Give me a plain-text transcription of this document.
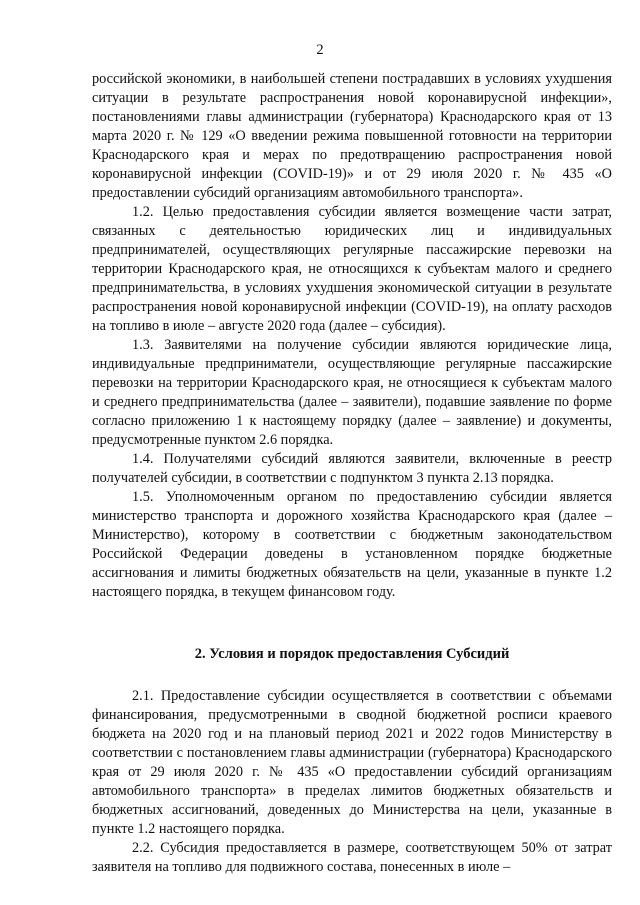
2

российской экономики, в наибольшей степени пострадавших в условиях ухудшения ситуации в результате распространения новой коронавирусной инфекции», постановлениями главы администрации (губернатора) Краснодарского края от 13 марта 2020 г. № 129 «О введении режима повышенной готовности на территории Краснодарского края и мерах по предотвращению распространения новой коронавирусной инфекции (COVID-19)» и от 29 июля 2020 г. № 435 «О предоставлении субсидий организациям автомобильного транспорта».

1.2. Целью предоставления субсидии является возмещение части затрат, связанных с деятельностью юридических лиц и индивидуальных предпринимателей, осуществляющих регулярные пассажирские перевозки на территории Краснодарского края, не относящихся к субъектам малого и среднего предпринимательства, в условиях ухудшения экономической ситуации в результате распространения новой коронавирусной инфекции (COVID-19), на оплату расходов на топливо в июле – августе 2020 года (далее – субсидия).

1.3. Заявителями на получение субсидии являются юридические лица, индивидуальные предприниматели, осуществляющие регулярные пассажирские перевозки на территории Краснодарского края, не относящиеся к субъектам малого и среднего предпринимательства (далее – заявители), подавшие заявление по форме согласно приложению 1 к настоящему порядку (далее – заявление) и документы, предусмотренные пунктом 2.6 порядка.

1.4. Получателями субсидий являются заявители, включенные в реестр получателей субсидии, в соответствии с подпунктом 3 пункта 2.13 порядка.

1.5. Уполномоченным органом по предоставлению субсидии является министерство транспорта и дорожного хозяйства Краснодарского края (далее – Министерство), которому в соответствии с бюджетным законодательством Российской Федерации доведены в установленном порядке бюджетные ассигнования и лимиты бюджетных обязательств на цели, указанные в пункте 1.2 настоящего порядка, в текущем финансовом году.

2. Условия и порядок предоставления Субсидий

2.1. Предоставление субсидии осуществляется в соответствии с объемами финансирования, предусмотренными в сводной бюджетной росписи краевого бюджета на 2020 год и на плановый период 2021 и 2022 годов Министерству в соответствии с постановлением главы администрации (губернатора) Краснодарского края от 29 июля 2020 г. № 435 «О предоставлении субсидий организациям автомобильного транспорта» в пределах лимитов бюджетных обязательств и бюджетных ассигнований, доведенных до Министерства на цели, указанные в пункте 1.2 настоящего порядка.

2.2. Субсидия предоставляется в размере, соответствующем 50% от затрат заявителя на топливо для подвижного состава, понесенных в июле –
